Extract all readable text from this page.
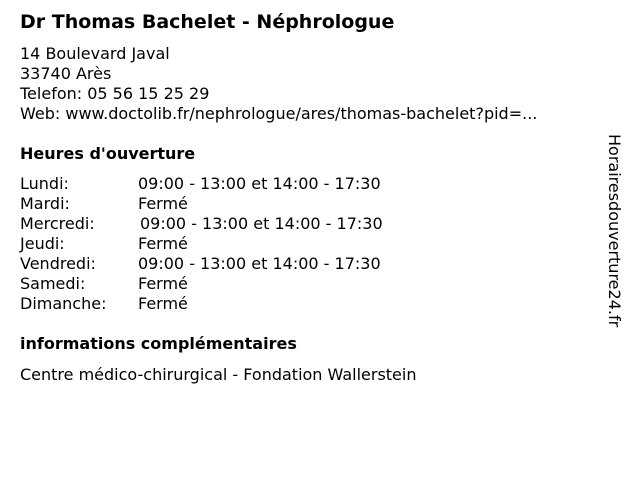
Dr Thomas Bachelet - Néphrologue
14 Boulevard Javal
33740 Arès
Telefon: 05 56 15 25 29
Web: www.doctolib.fr/nephrologue/ares/thomas-bachelet?pid=...
Heures d'ouverture
Lundi:	09:00 - 13:00 et 14:00 - 17:30
Mardi:	Fermé
Mercredi:	09:00 - 13:00 et 14:00 - 17:30
Jeudi:	Fermé
Vendredi:	09:00 - 13:00 et 14:00 - 17:30
Samedi:	Fermé
Dimanche: Fermé
informations complémentaires
Centre médico-chirurgical - Fondation Wallerstein
Horairesdouverture24.fr
